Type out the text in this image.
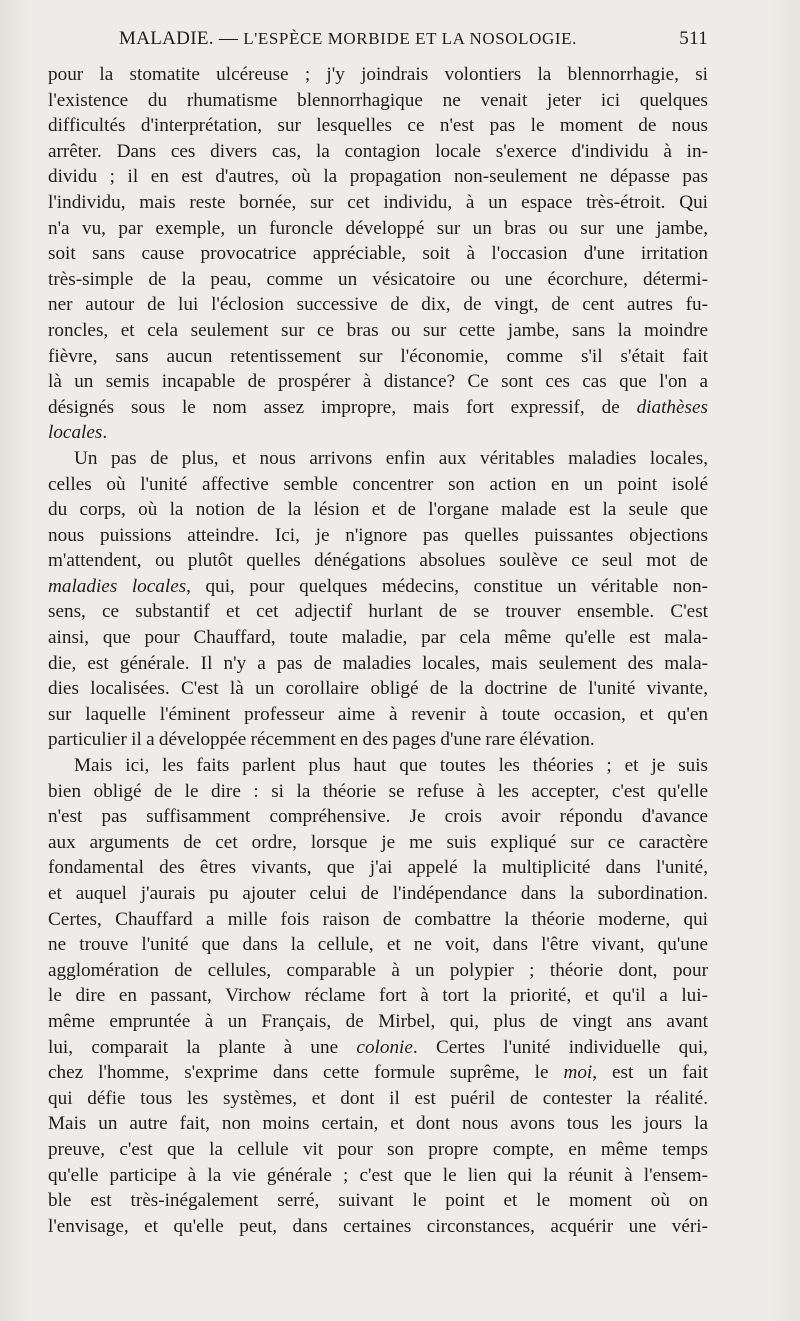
MALADIE. — L'ESPÈCE MORBIDE ET LA NOSOLOGIE.	511
pour la stomatite ulcéreuse ; j'y joindrais volontiers la blennorrhagie, si
l'existence du rhumatisme blennorrhagique ne venait jeter ici quelques
difficultés d'interprétation, sur lesquelles ce n'est pas le moment de nous
arrêter. Dans ces divers cas, la contagion locale s'exerce d'individu à in-
dividu ; il en est d'autres, où la propagation non-seulement ne dépasse pas
l'individu, mais reste bornée, sur cet individu, à un espace très-étroit. Qui
n'a vu, par exemple, un furoncle développé sur un bras ou sur une jambe,
soit sans cause provocatrice appréciable, soit à l'occasion d'une irritation
très-simple de la peau, comme un vésicatoire ou une écorchure, détermi-
ner autour de lui l'éclosion successive de dix, de vingt, de cent autres fu-
roncles, et cela seulement sur ce bras ou sur cette jambe, sans la moindre
fièvre, sans aucun retentissement sur l'économie, comme s'il s'était fait
là un semis incapable de prospérer à distance? Ce sont ces cas que l'on a
désignés sous le nom assez impropre, mais fort expressif, de diathèses
locales.
Un pas de plus, et nous arrivons enfin aux véritables maladies locales,
celles où l'unité affective semble concentrer son action en un point isolé
du corps, où la notion de la lésion et de l'organe malade est la seule que
nous puissions atteindre. Ici, je n'ignore pas quelles puissantes objections
m'attendent, ou plutôt quelles dénégations absolues soulève ce seul mot de
maladies locales, qui, pour quelques médecins, constitue un véritable non-
sens, ce substantif et cet adjectif hurlant de se trouver ensemble. C'est
ainsi, que pour Chauffard, toute maladie, par cela même qu'elle est mala-
die, est générale. Il n'y a pas de maladies locales, mais seulement des mala-
dies localisées. C'est là un corollaire obligé de la doctrine de l'unité vivante,
sur laquelle l'éminent professeur aime à revenir à toute occasion, et qu'en
particulier il a développée récemment en des pages d'une rare élévation.
Mais ici, les faits parlent plus haut que toutes les théories ; et je suis
bien obligé de le dire : si la théorie se refuse à les accepter, c'est qu'elle
n'est pas suffisamment compréhensive. Je crois avoir répondu d'avance
aux arguments de cet ordre, lorsque je me suis expliqué sur ce caractère
fondamental des êtres vivants, que j'ai appelé la multiplicité dans l'unité,
et auquel j'aurais pu ajouter celui de l'indépendance dans la subordination.
Certes, Chauffard a mille fois raison de combattre la théorie moderne, qui
ne trouve l'unité que dans la cellule, et ne voit, dans l'être vivant, qu'une
agglomération de cellules, comparable à un polypier ; théorie dont, pour
le dire en passant, Virchow réclame fort à tort la priorité, et qu'il a lui-
même empruntée à un Français, de Mirbel, qui, plus de vingt ans avant
lui, comparait la plante à une colonie. Certes l'unité individuelle qui,
chez l'homme, s'exprime dans cette formule suprême, le moi, est un fait
qui défie tous les systèmes, et dont il est puéril de contester la réalité.
Mais un autre fait, non moins certain, et dont nous avons tous les jours la
preuve, c'est que la cellule vit pour son propre compte, en même temps
qu'elle participe à la vie générale ; c'est que le lien qui la réunit à l'ensem-
ble est très-inégalement serré, suivant le point et le moment où on
l'envisage, et qu'elle peut, dans certaines circonstances, acquérir une véri-
